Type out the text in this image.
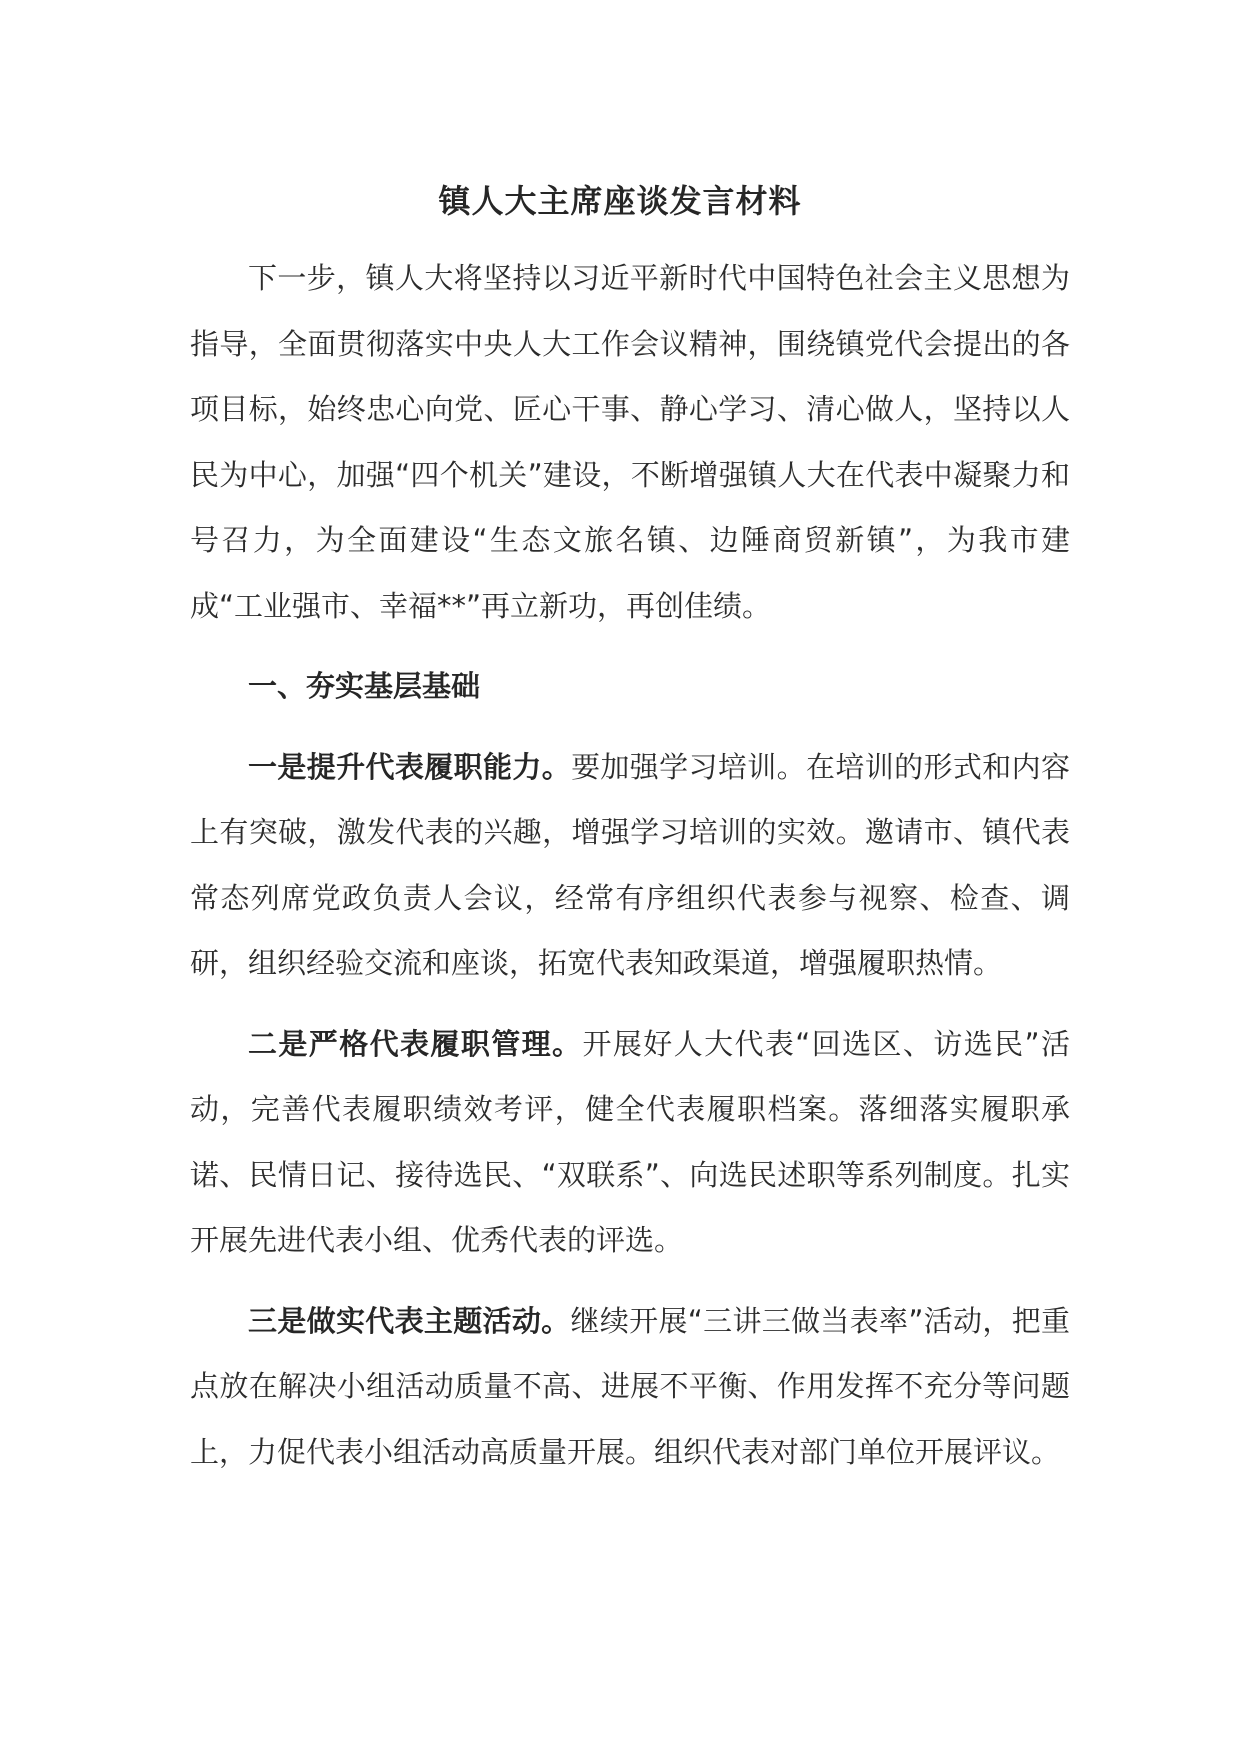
镇人大主席座谈发言材料

下一步，镇人大将坚持以习近平新时代中国特色社会主义思想为指导，全面贯彻落实中央人大工作会议精神，围绕镇党代会提出的各项目标，始终忠心向党、匠心干事、静心学习、清心做人，坚持以人民为中心，加强“四个机关”建设，不断增强镇人大在代表中凝聚力和号召力，为全面建设“生态文旅名镇、边陲商贸新镇”，为我市建成“工业强市、幸福**”再立新功，再创佳绩。

一、夯实基层基础

一是提升代表履职能力。要加强学习培训。在培训的形式和内容上有突破，激发代表的兴趣，增强学习培训的实效。邀请市、镇代表常态列席党政负责人会议，经常有序组织代表参与视察、检查、调研，组织经验交流和座谈，拓宽代表知政渠道，增强履职热情。

二是严格代表履职管理。开展好人大代表“回选区、访选民”活动，完善代表履职绩效考评，健全代表履职档案。落细落实履职承诺、民情日记、接待选民、“双联系”、向选民述职等系列制度。扎实开展先进代表小组、优秀代表的评选。

三是做实代表主题活动。继续开展“三讲三做当表率”活动，把重点放在解决小组活动质量不高、进展不平衡、作用发挥不充分等问题上，力促代表小组活动高质量开展。组织代表对部门单位开展评议。
